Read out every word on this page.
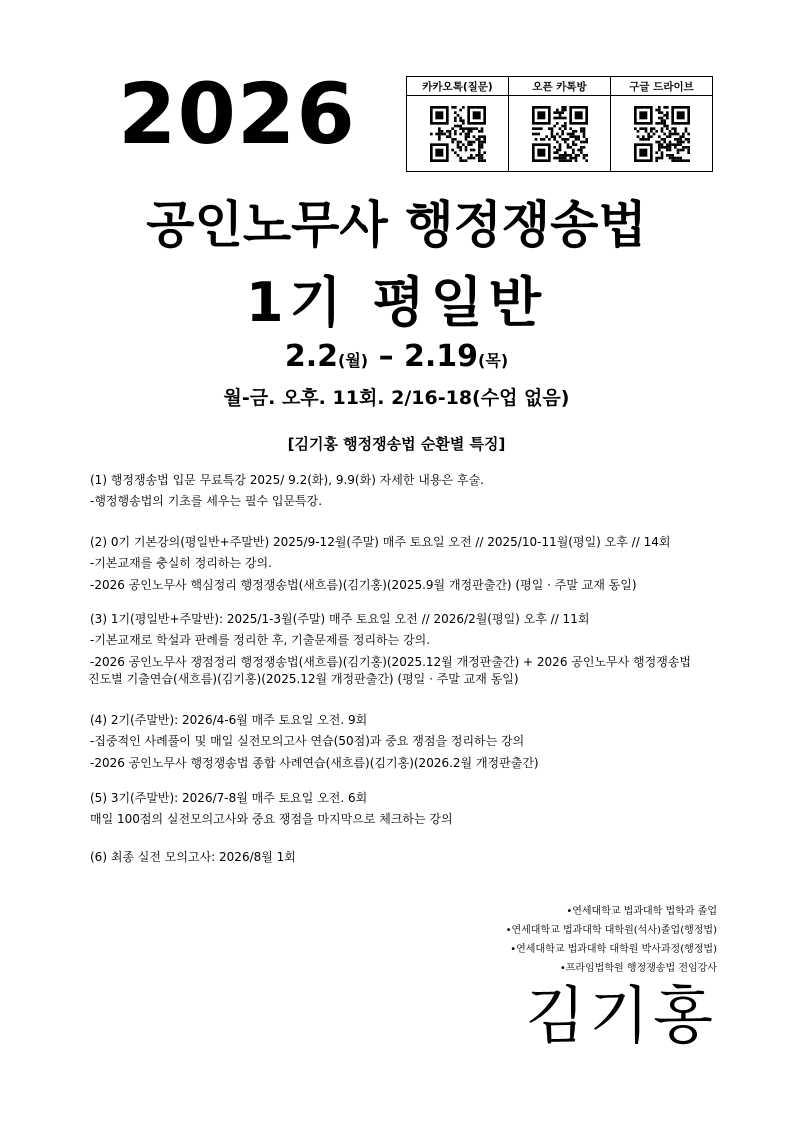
2026	카카오톡(질문)	오픈 카톡방	구글 드라이브
공인노무사 행정쟁송법
1기 평일반
2.2(월) – 2.19(목)
월-금. 오후. 11회. 2/16-18(수업 없음)
[김기홍 행정쟁송법 순환별 특징]
(1) 행정쟁송법 입문 무료특강 2025/ 9.2(화), 9.9(화) 자세한 내용은 후술.
-행정행송법의 기초를 세우는 필수 입문특강.
(2) 0기 기본강의(평일반+주말반) 2025/9-12월(주말) 매주 토요일 오전 // 2025/10-11월(평일) 오후 // 14회
-기본교재를 충실히 정리하는 강의.
-2026 공인노무사 핵심정리 행정쟁송법(새흐름)(김기홍)(2025.9월 개정판출간) (평일 · 주말 교재 동일)
(3) 1기(평일반+주말반): 2025/1-3월(주말) 매주 토요일 오전 // 2026/2월(평일) 오후 // 11회
-기본교재로 학설과 판례를 정리한 후, 기출문제를 정리하는 강의.
-2026 공인노무사 쟁점정리 행정쟁송법(새흐름)(김기홍)(2025.12월 개정판출간) + 2026 공인노무사 행정쟁송법
진도별 기출연습(새흐름)(김기홍)(2025.12월 개정판출간) (평일 · 주말 교재 동일)
(4) 2기(주말반): 2026/4-6월 매주 토요일 오전. 9회
-집중적인 사례풀이 및 매일 실전모의고사 연습(50점)과 중요 쟁점을 정리하는 강의
-2026 공인노무사 행정쟁송법 종합 사례연습(새흐름)(김기홍)(2026.2월 개정판출간)
(5) 3기(주말반): 2026/7-8월 매주 토요일 오전. 6회
매일 100점의 실전모의고사와 중요 쟁점을 마지막으로 체크하는 강의
(6) 최종 실전 모의고사: 2026/8월 1회
•연세대학교 법과대학 법학과 졸업
•연세대학교 법과대학 대학원(석사)졸업(행정법)
•연세대학교 법과대학 대학원 박사과정(행정법)
•프라임법학원 행정쟁송법 전임강사
김기홍
